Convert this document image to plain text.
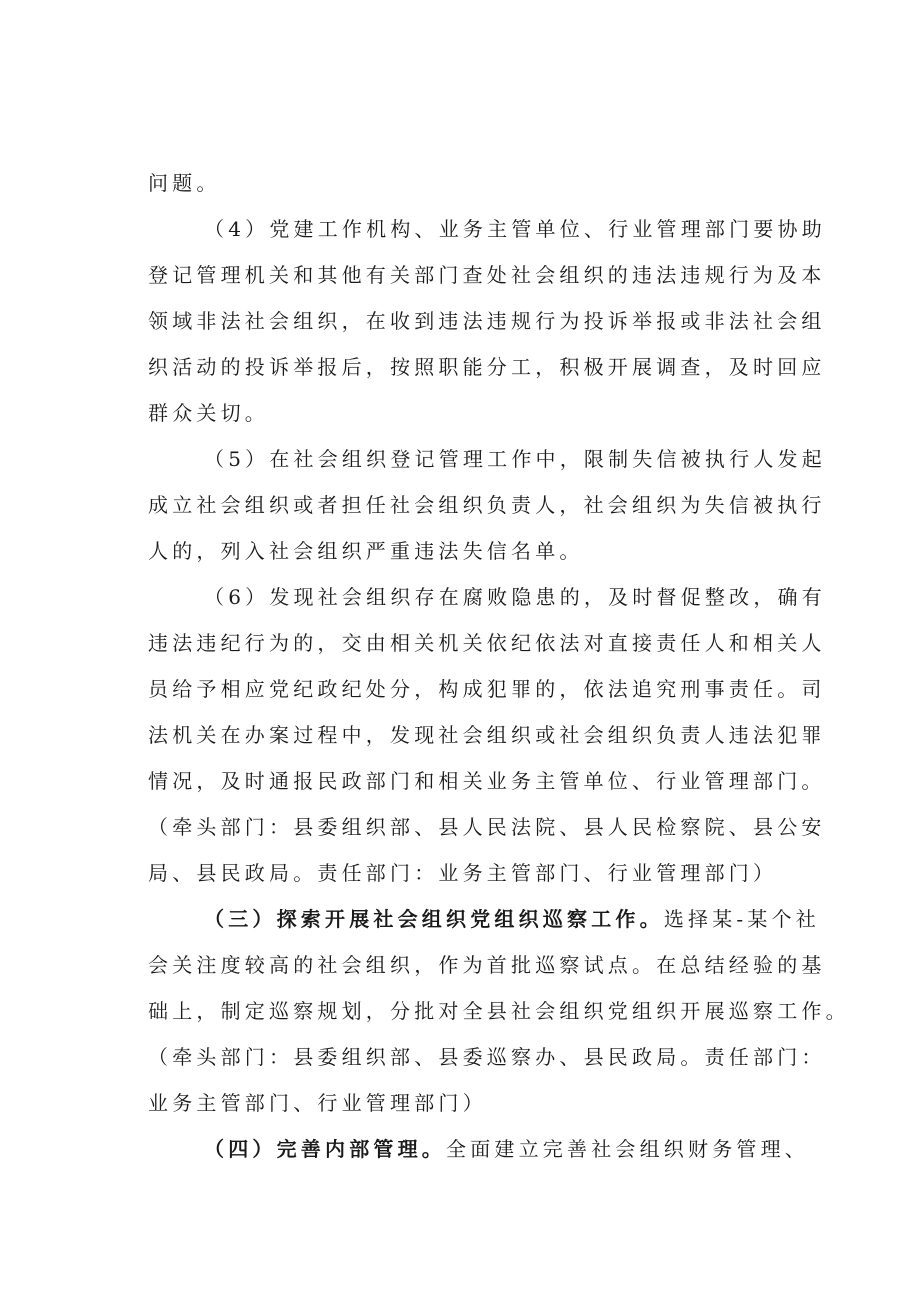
问题。
（4）党建工作机构、业务主管单位、行业管理部门要协助
登记管理机关和其他有关部门查处社会组织的违法违规行为及本
领域非法社会组织，在收到违法违规行为投诉举报或非法社会组
织活动的投诉举报后，按照职能分工，积极开展调查，及时回应
群众关切。
（5）在社会组织登记管理工作中，限制失信被执行人发起
成立社会组织或者担任社会组织负责人，社会组织为失信被执行
人的，列入社会组织严重违法失信名单。
（6）发现社会组织存在腐败隐患的，及时督促整改，确有
违法违纪行为的，交由相关机关依纪依法对直接责任人和相关人
员给予相应党纪政纪处分，构成犯罪的，依法追究刑事责任。司
法机关在办案过程中，发现社会组织或社会组织负责人违法犯罪
情况，及时通报民政部门和相关业务主管单位、行业管理部门。
（牵头部门：县委组织部、县人民法院、县人民检察院、县公安
局、县民政局。责任部门：业务主管部门、行业管理部门）
（三）探索开展社会组织党组织巡察工作。选择某-某个社
会关注度较高的社会组织，作为首批巡察试点。在总结经验的基
础上，制定巡察规划，分批对全县社会组织党组织开展巡察工作。
（牵头部门：县委组织部、县委巡察办、县民政局。责任部门：
业务主管部门、行业管理部门）
（四）完善内部管理。全面建立完善社会组织财务管理、
